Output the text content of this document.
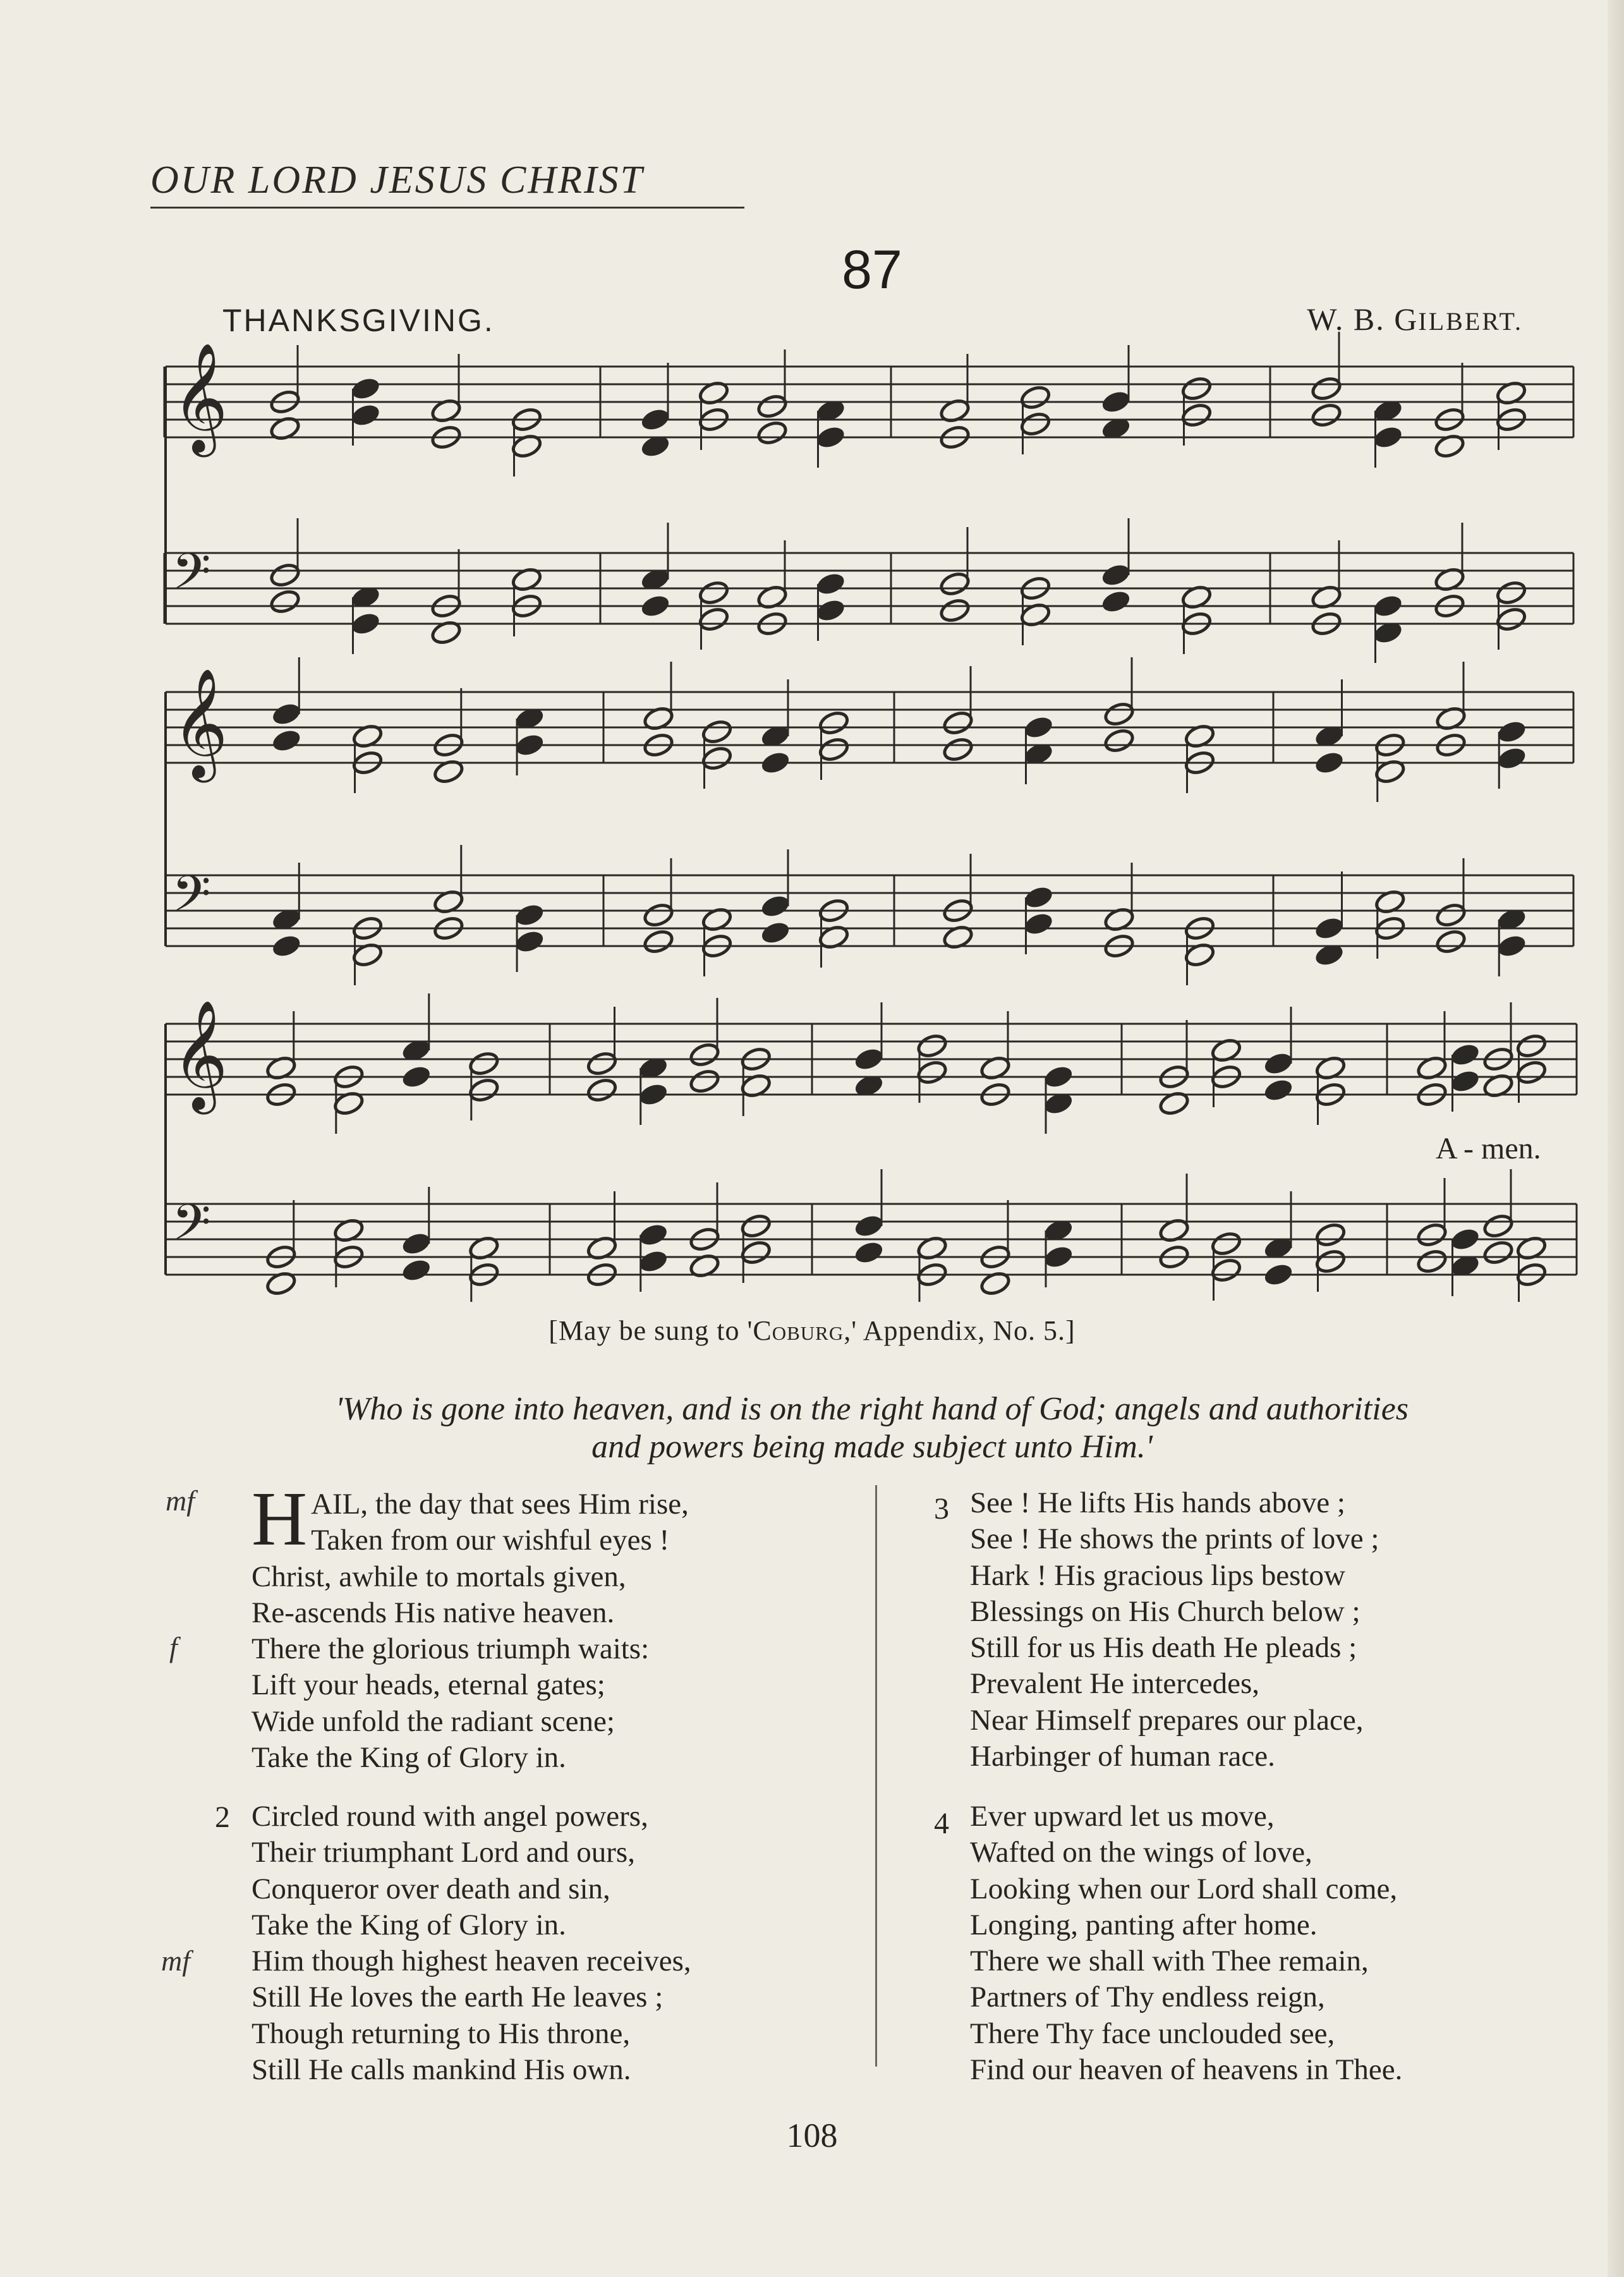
OUR LORD JESUS CHRIST
87
THANKSGIVING.	W. B. GILBERT.
𝄞
𝄢
𝄞
𝄢
𝄞
𝄢
A - men.
[May be sung to 'Coburg,' Appendix, No. 5.]
'Who is gone into heaven, and is on the right hand of God; angels and authorities
and powers being made subject unto Him.'
mf
f
H AIL, the day that sees Him rise,
Taken from our wishful eyes !
Christ, awhile to mortals given,
Re-ascends His native heaven.
There the glorious triumph waits:
Lift your heads, eternal gates;
Wide unfold the radiant scene;
Take the King of Glory in.
2
mf
Circled round with angel powers,
Their triumphant Lord and ours,
Conqueror over death and sin,
Take the King of Glory in.
Him though highest heaven receives,
Still He loves the earth He leaves ;
Though returning to His throne,
Still He calls mankind His own.
3 See ! He lifts His hands above ;
See ! He shows the prints of love ;
Hark ! His gracious lips bestow
Blessings on His Church below ;
Still for us His death He pleads ;
Prevalent He intercedes,
Near Himself prepares our place,
Harbinger of human race.
4 Ever upward let us move,
Wafted on the wings of love,
Looking when our Lord shall come,
Longing, panting after home.
There we shall with Thee remain,
Partners of Thy endless reign,
There Thy face unclouded see,
Find our heaven of heavens in Thee.
108
